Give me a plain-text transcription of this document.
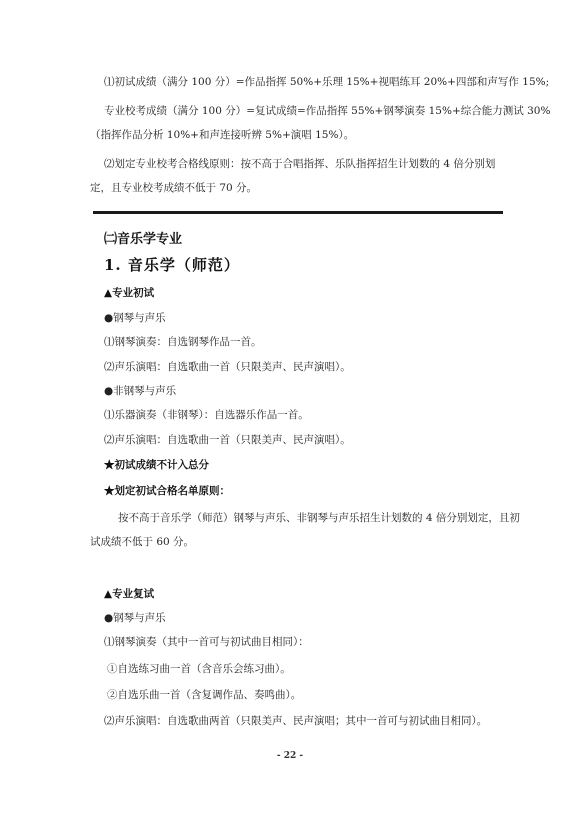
⑴初试成绩（满分 100 分）=作品指挥 50%+乐理 15%+视唱练耳 20%+四部和声写作 15%;
专业校考成绩（满分 100 分）=复试成绩=作品指挥 55%+钢琴演奏 15%+综合能力测试 30%
（指挥作品分析 10%+和声连接听辨 5%+演唱 15%）。
⑵划定专业校考合格线原则：按不高于合唱指挥、乐队指挥招生计划数的 4 倍分别划
定，且专业校考成绩不低于 70 分。
㈡音乐学专业
1. 音乐学（师范）
▲专业初试
●钢琴与声乐
⑴钢琴演奏：自选钢琴作品一首。
⑵声乐演唱：自选歌曲一首（只限美声、民声演唱）。
●非钢琴与声乐
⑴乐器演奏（非钢琴）：自选器乐作品一首。
⑵声乐演唱：自选歌曲一首（只限美声、民声演唱）。
★初试成绩不计入总分
★划定初试合格名单原则：
按不高于音乐学（师范）钢琴与声乐、非钢琴与声乐招生计划数的 4 倍分别划定，且初
试成绩不低于 60 分。
▲专业复试
●钢琴与声乐
⑴钢琴演奏（其中一首可与初试曲目相同）：
①自选练习曲一首（含音乐会练习曲）。
②自选乐曲一首（含复调作品、奏鸣曲）。
⑵声乐演唱：自选歌曲两首（只限美声、民声演唱；其中一首可与初试曲目相同）。
- 22 -
